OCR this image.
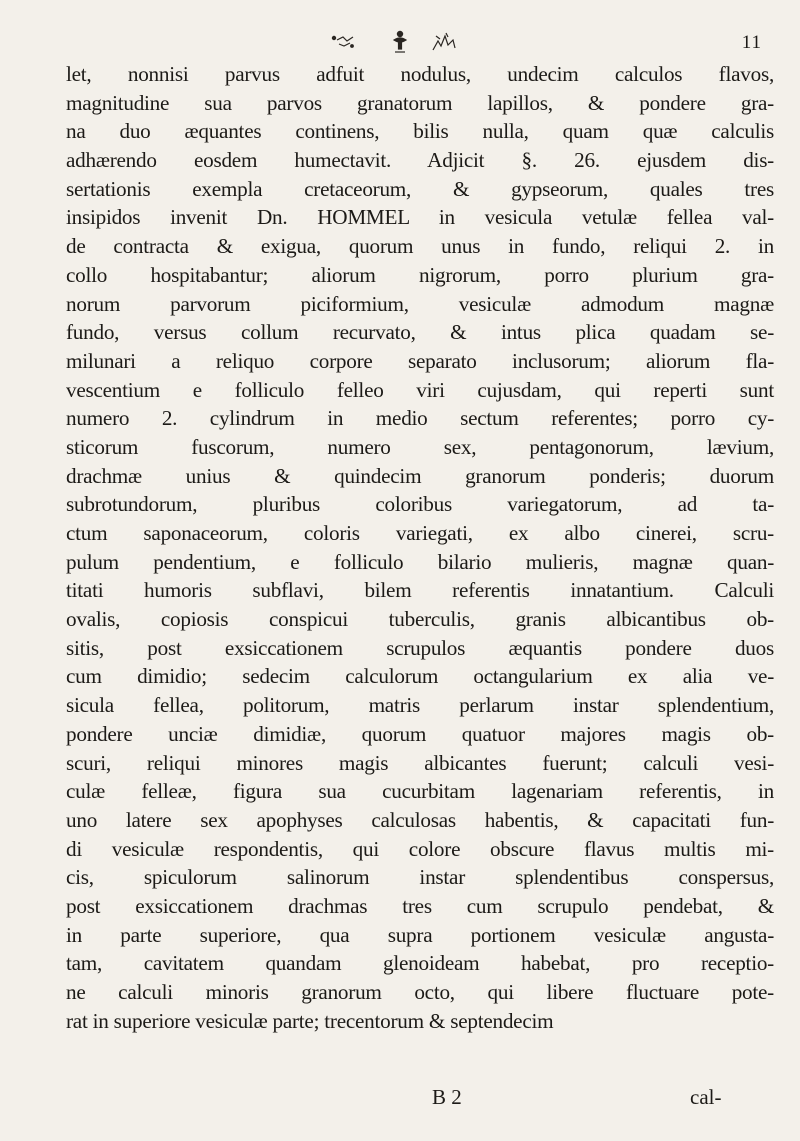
11
let, nonnisi parvus adfuit nodulus, undecim calculos flavos,
magnitudine sua parvos granatorum lapillos, & pondere gra-
na duo æquantes continens, bilis nulla, quam quæ calculis
adhærendo eosdem humectavit. Adjicit §. 26. ejusdem dis-
sertationis exempla cretaceorum, & gypseorum, quales tres
insipidos invenit Dn. HOMMEL in vesicula vetulæ fellea val-
de contracta & exigua, quorum unus in fundo, reliqui 2. in
collo hospitabantur; aliorum nigrorum, porro plurium gra-
norum parvorum piciformium, vesiculæ admodum magnæ
fundo, versus collum recurvato, & intus plica quadam se-
milunari a reliquo corpore separato inclusorum; aliorum fla-
vescentium e folliculo felleo viri cujusdam, qui reperti sunt
numero 2. cylindrum in medio sectum referentes; porro cy-
sticorum fuscorum, numero sex, pentagonorum, lævium,
drachmæ unius & quindecim granorum ponderis; duorum
subrotundorum, pluribus coloribus variegatorum, ad ta-
ctum saponaceorum, coloris variegati, ex albo cinerei, scru-
pulum pendentium, e folliculo bilario mulieris, magnæ quan-
titati humoris subflavi, bilem referentis innatantium. Calculi
ovalis, copiosis conspicui tuberculis, granis albicantibus ob-
sitis, post exsiccationem scrupulos æquantis pondere duos
cum dimidio; sedecim calculorum octangularium ex alia ve-
sicula fellea, politorum, matris perlarum instar splendentium,
pondere unciæ dimidiæ, quorum quatuor majores magis ob-
scuri, reliqui minores magis albicantes fuerunt; calculi vesi-
culæ felleæ, figura sua cucurbitam lagenariam referentis, in
uno latere sex apophyses calculosas habentis, & capacitati fun-
di vesiculæ respondentis, qui colore obscure flavus multis mi-
cis, spiculorum salinorum instar splendentibus conspersus,
post exsiccationem drachmas tres cum scrupulo pendebat, &
in parte superiore, qua supra portionem vesiculæ angusta-
tam, cavitatem quandam glenoideam habebat, pro receptio-
ne calculi minoris granorum octo, qui libere fluctuare pote-
rat in superiore vesiculæ parte; trecentorum & septendecim
B 2	cal-
